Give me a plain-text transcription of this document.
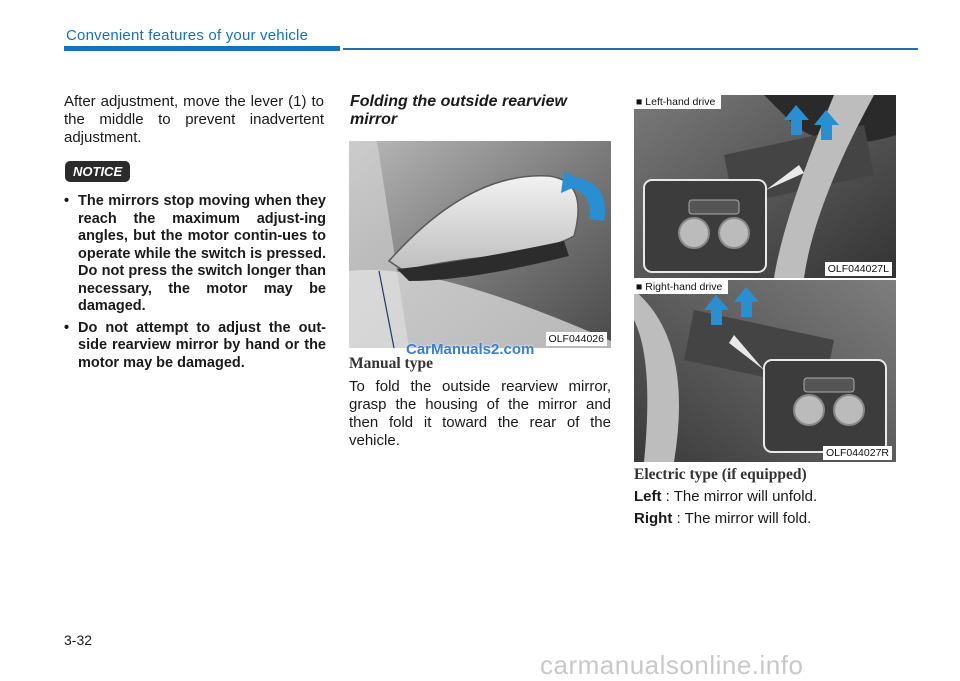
Convenient features of your vehicle

After adjustment, move the lever (1) to the middle to prevent inadvertent adjustment.

NOTICE
• The mirrors stop moving when they reach the maximum adjust-ing angles, but the motor contin-ues to operate while the switch is pressed. Do not press the switch longer than necessary, the motor may be damaged.
• Do not attempt to adjust the out-side rearview mirror by hand or the motor may be damaged.
Folding the outside rearview mirror
OLF044026
Manual type
CarManuals2.com

To fold the outside rearview mirror, grasp the housing of the mirror and then fold it toward the rear of the vehicle.

■ Left-hand drive
OLF044027L
■ Right-hand drive
OLF044027R
Electric type (if equipped)
Left : The mirror will unfold.
Right : The mirror will fold.
3-32
carmanualsonline.info
